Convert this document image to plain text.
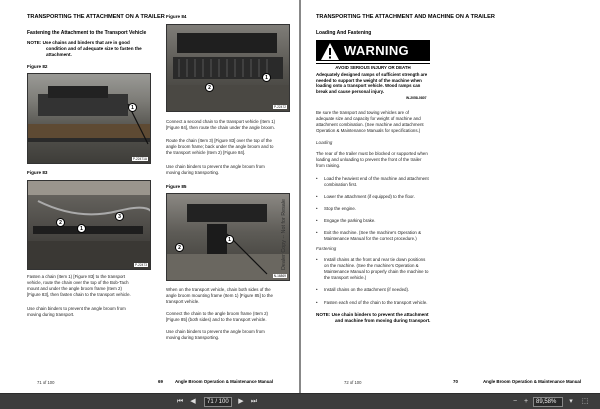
TRANSPORTING THE ATTACHMENT ON A TRAILER
Fastening the Attachment to the Transport Vehicle
NOTE: Use chains and binders that are in good
condition and of adequate size to fasten the
attachment.
Figure 82
1
P-22471A
Figure 83
2
1
3
P-22473
Fasten a chain (Item 1) [Figure 83] to the transport
vehicle, route the chain over the top of the Bob-Tach
mount and under the angle broom frame (Item 2)
[Figure 83], then fasten chain to the transport vehicle.
Use chain binders to prevent the angle broom from
moving during transport.
Figure 84
2
1
P-22472
Connect a second chain to the transport vehicle (Item 1)
[Figure 84], then route the chain under the angle broom.
Route the chain (Item 3) [Figure 83] over the top of the
angle broom frame; back under the angle broom and to
the transport vehicle (Item 2) [Figure 84].
Use chain binders to prevent the angle broom from
moving during transporting.
Figure 85
2
1
N-16869
When on the transport vehicle, chain both sides of the
angle broom mounting frame (Item 1) [Figure 85] to the
transport vehicle.
Connect the chain to the angle broom frame (Item 2)
[Figure 85] (both sides) and to the transport vehicle.
Use chain binders to prevent the angle broom from
moving during transporting.
71 of 100	69	Angle Broom Operation & Maintenance Manual
Dealer Copy -- Not for Resale
TRANSPORTING THE ATTACHMENT AND MACHINE ON A TRAILER
Loading And Fastening
WARNING
AVOID SERIOUS INJURY OR DEATH
Adequately designed ramps of sufficient strength are
needed to support the weight of the machine when
loading onto a transport vehicle. Wood ramps can
break and cause personal injury.
W-2058-0807
Be sure the transport and towing vehicles are of
adequate size and capacity for weight of machine and
attachment combination. (See machine and attachment
Operation & Maintenance Manuals for specifications.)
Loading
The rear of the trailer must be blocked or supported when
loading and unloading to prevent the front of the trailer
from raising.
• Load the heaviest end of the machine and attachment
combination first.
• Lower the attachment (if equipped) to the floor.
• Stop the engine.
• Engage the parking brake.
• Exit the machine. (See the machine's Operation &
Maintenance Manual for the correct procedure.)
Fastening
• Install chains at the front and rear tie down positions
on the machine. (See the machine's Operation &
Maintenance Manual to properly chain the machine to
the transport vehicle.)
• Install chains on the attachment (if needed).
• Fasten each end of the chain to the transport vehicle.
NOTE: Use chain binders to prevent the attachment
and machine from moving during transport.
72 of 100	70	Angle Broom Operation & Maintenance Manual
⏮	◀	71 / 100	▶	⏭	− +	89,58%	▾	⬚
